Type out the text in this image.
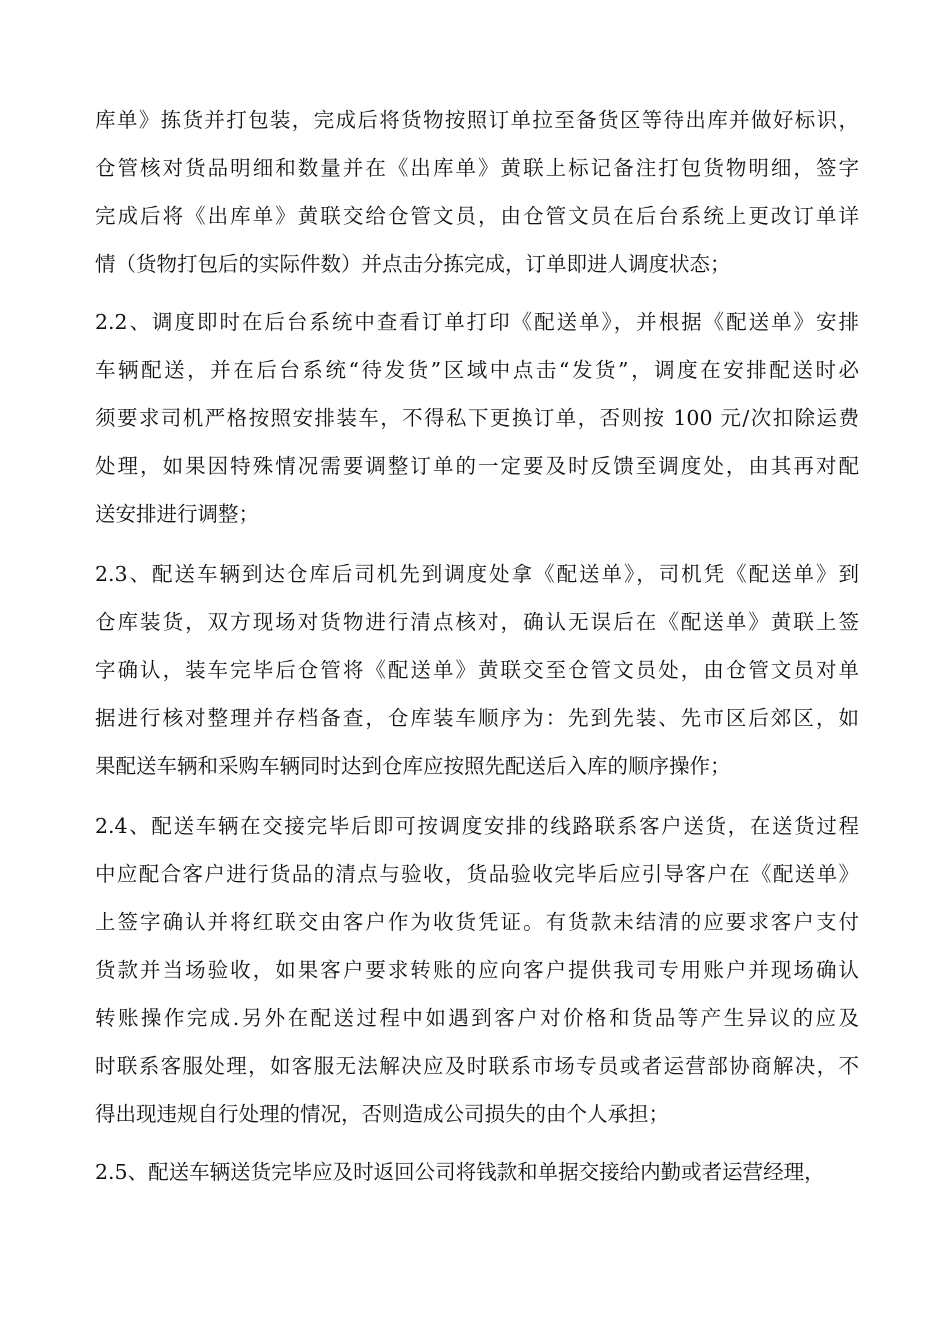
库单》拣货并打包装，完成后将货物按照订单拉至备货区等待出库并做好标识，
仓管核对货品明细和数量并在《出库单》黄联上标记备注打包货物明细，签字
完成后将《出库单》黄联交给仓管文员，由仓管文员在后台系统上更改订单详
情（货物打包后的实际件数）并点击分拣完成，订单即进人调度状态；
2.2、调度即时在后台系统中查看订单打印《配送单》，并根据《配送单》安排
车辆配送，并在后台系统“待发货”区域中点击“发货”，调度在安排配送时必
须要求司机严格按照安排装车，不得私下更换订单，否则按 100 元/次扣除运费
处理，如果因特殊情况需要调整订单的一定要及时反馈至调度处，由其再对配
送安排进行调整；
2.3、配送车辆到达仓库后司机先到调度处拿《配送单》，司机凭《配送单》到
仓库装货，双方现场对货物进行清点核对，确认无误后在《配送单》黄联上签
字确认，装车完毕后仓管将《配送单》黄联交至仓管文员处，由仓管文员对单
据进行核对整理并存档备查，仓库装车顺序为：先到先装、先市区后郊区，如
果配送车辆和采购车辆同时达到仓库应按照先配送后入库的顺序操作；
2.4、配送车辆在交接完毕后即可按调度安排的线路联系客户送货，在送货过程
中应配合客户进行货品的清点与验收，货品验收完毕后应引导客户在《配送单》
上签字确认并将红联交由客户作为收货凭证。有货款未结清的应要求客户支付
货款并当场验收，如果客户要求转账的应向客户提供我司专用账户并现场确认
转账操作完成.另外在配送过程中如遇到客户对价格和货品等产生异议的应及
时联系客服处理，如客服无法解决应及时联系市场专员或者运营部协商解决，不
得出现违规自行处理的情况，否则造成公司损失的由个人承担；
2.5、配送车辆送货完毕应及时返回公司将钱款和单据交接给内勤或者运营经理，
